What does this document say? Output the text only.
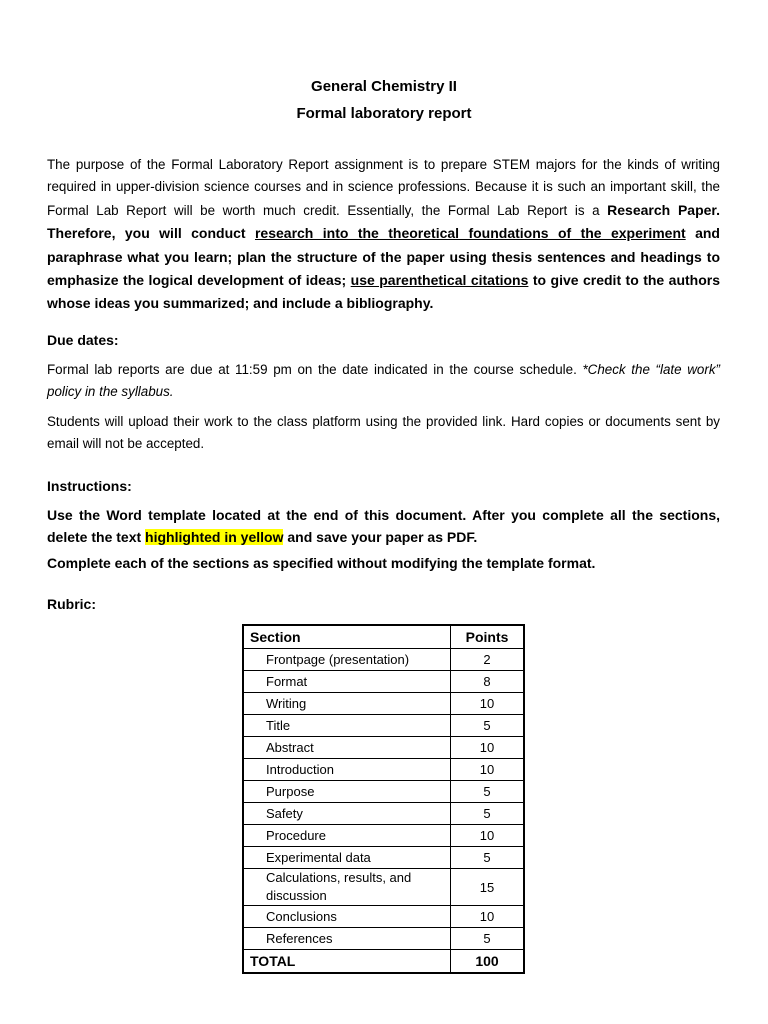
General Chemistry II
Formal laboratory report
The purpose of the Formal Laboratory Report assignment is to prepare STEM majors for the kinds of writing required in upper-division science courses and in science professions. Because it is such an important skill, the Formal Lab Report will be worth much credit. Essentially, the Formal Lab Report is a Research Paper. Therefore, you will conduct research into the theoretical foundations of the experiment and paraphrase what you learn; plan the structure of the paper using thesis sentences and headings to emphasize the logical development of ideas; use parenthetical citations to give credit to the authors whose ideas you summarized; and include a bibliography.
Due dates:
Formal lab reports are due at 11:59 pm on the date indicated in the course schedule. *Check the “late work” policy in the syllabus.
Students will upload their work to the class platform using the provided link. Hard copies or documents sent by email will not be accepted.
Instructions:
Use the Word template located at the end of this document. After you complete all the sections, delete the text highlighted in yellow and save your paper as PDF.
Complete each of the sections as specified without modifying the template format.
Rubric:
Section	Points
Frontpage (presentation)	2
Format	8
Writing	10
Title	5
Abstract	10
Introduction	10
Purpose	5
Safety	5
Procedure	10
Experimental data	5
Calculations, results, and discussion	15
Conclusions	10
References	5
TOTAL	100
